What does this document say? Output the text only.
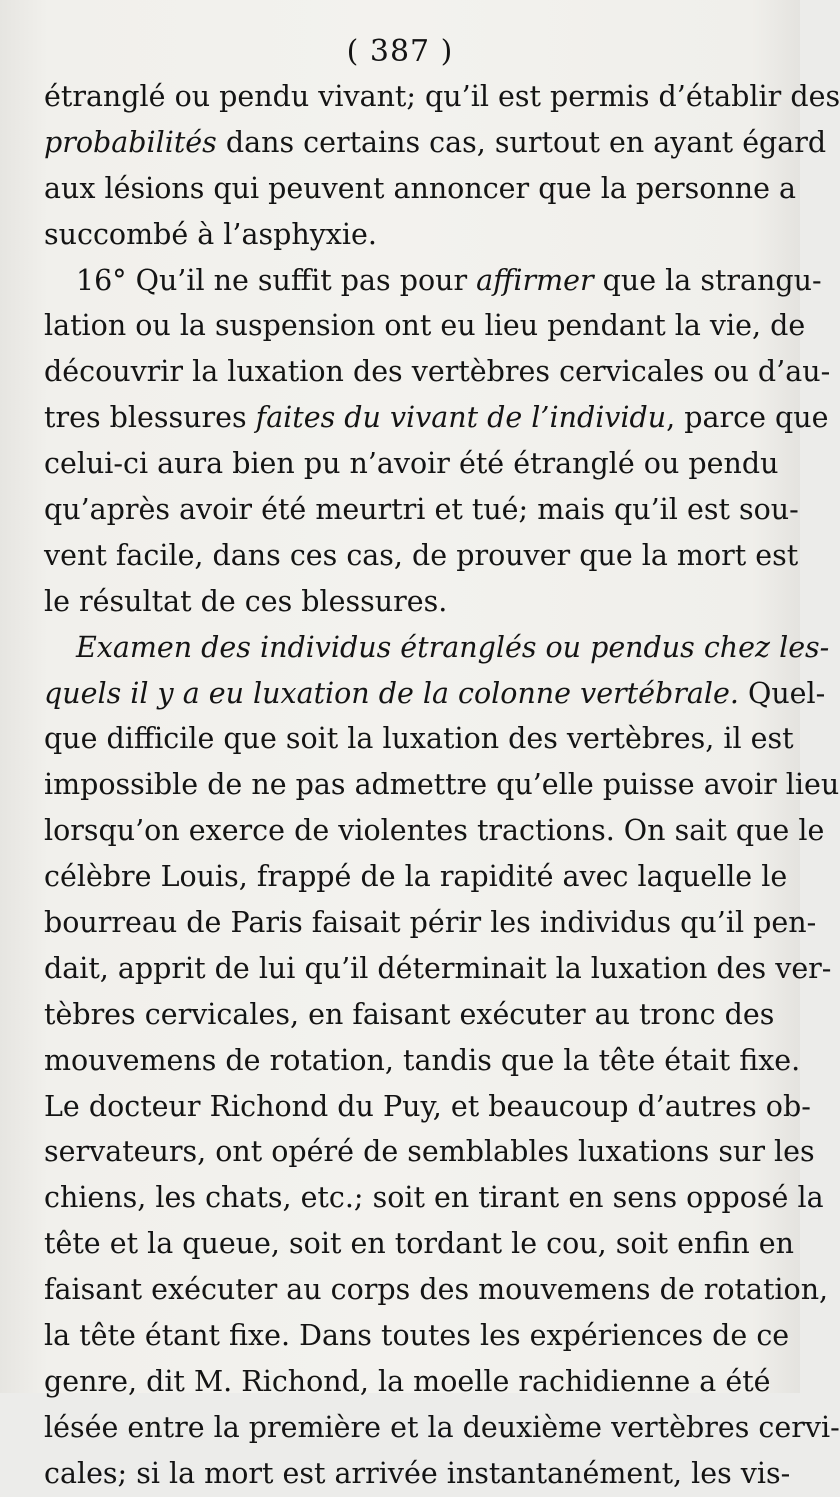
( 387 )
étranglé ou pendu vivant; qu’il est permis d’établir des
probabilités dans certains cas, surtout en ayant égard
aux lésions qui peuvent annoncer que la personne a
succombé à l’asphyxie.
16° Qu’il ne suffit pas pour affirmer que la strangu-
lation ou la suspension ont eu lieu pendant la vie, de
découvrir la luxation des vertèbres cervicales ou d’au-
tres blessures faites du vivant de l’individu, parce que
celui-ci aura bien pu n’avoir été étranglé ou pendu
qu’après avoir été meurtri et tué; mais qu’il est sou-
vent facile, dans ces cas, de prouver que la mort est
le résultat de ces blessures.
Examen des individus étranglés ou pendus chez les-
quels il y a eu luxation de la colonne vertébrale. Quel-
que difficile que soit la luxation des vertèbres, il est
impossible de ne pas admettre qu’elle puisse avoir lieu
lorsqu’on exerce de violentes tractions. On sait que le
célèbre Louis, frappé de la rapidité avec laquelle le
bourreau de Paris faisait périr les individus qu’il pen-
dait, apprit de lui qu’il déterminait la luxation des ver-
tèbres cervicales, en faisant exécuter au tronc des
mouvemens de rotation, tandis que la tête était fixe.
Le docteur Richond du Puy, et beaucoup d’autres ob-
servateurs, ont opéré de semblables luxations sur les
chiens, les chats, etc.; soit en tirant en sens opposé la
tête et la queue, soit en tordant le cou, soit enfin en
faisant exécuter au corps des mouvemens de rotation,
la tête étant fixe. Dans toutes les expériences de ce
genre, dit M. Richond, la moelle rachidienne a été
lésée entre la première et la deuxième vertèbres cervi-
cales; si la mort est arrivée instantanément, les vis-
